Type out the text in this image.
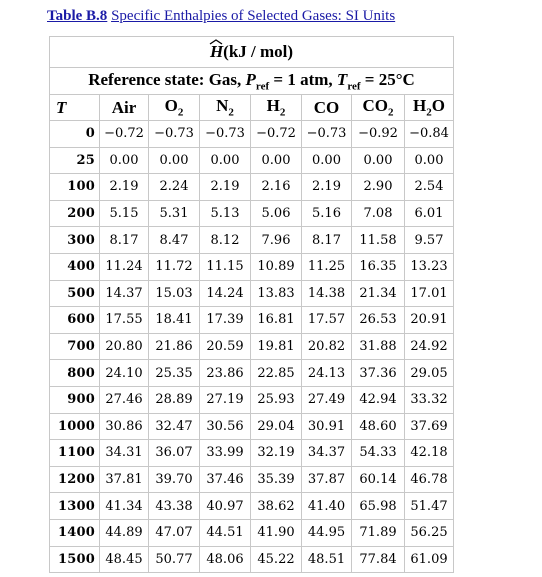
Table B.8 Specific Enthalpies of Selected Gases: SI Units
H(kJ / mol)							
Reference state: Gas, $P_{ref} = 1$ atm, $T_{ref} = 25^\circ C$							
T	Air	$O_2$	$N_2$	$H_2$	CO	$CO_2$	$H_2O$
0	−0.72	−0.73	−0.73	−0.72	−0.73	−0.92	−0.84
25	0.00	0.00	0.00	0.00	0.00	0.00	0.00
100	2.19	2.24	2.19	2.16	2.19	2.90	2.54
200	5.15	5.31	5.13	5.06	5.16	7.08	6.01
300	8.17	8.47	8.12	7.96	8.17	11.58	9.57
400	11.24	11.72	11.15	10.89	11.25	16.35	13.23
500	14.37	15.03	14.24	13.83	14.38	21.34	17.01
600	17.55	18.41	17.39	16.81	17.57	26.53	20.91
700	20.80	21.86	20.59	19.81	20.82	31.88	24.92
800	24.10	25.35	23.86	22.85	24.13	37.36	29.05
900	27.46	28.89	27.19	25.93	27.49	42.94	33.32
1000	30.86	32.47	30.56	29.04	30.91	48.60	37.69
1100	34.31	36.07	33.99	32.19	34.37	54.33	42.18
1200	37.81	39.70	37.46	35.39	37.87	60.14	46.78
1300	41.34	43.38	40.97	38.62	41.40	65.98	51.47
1400	44.89	47.07	44.51	41.90	44.95	71.89	56.25
1500	48.45	50.77	48.06	45.22	48.51	77.84	61.09
